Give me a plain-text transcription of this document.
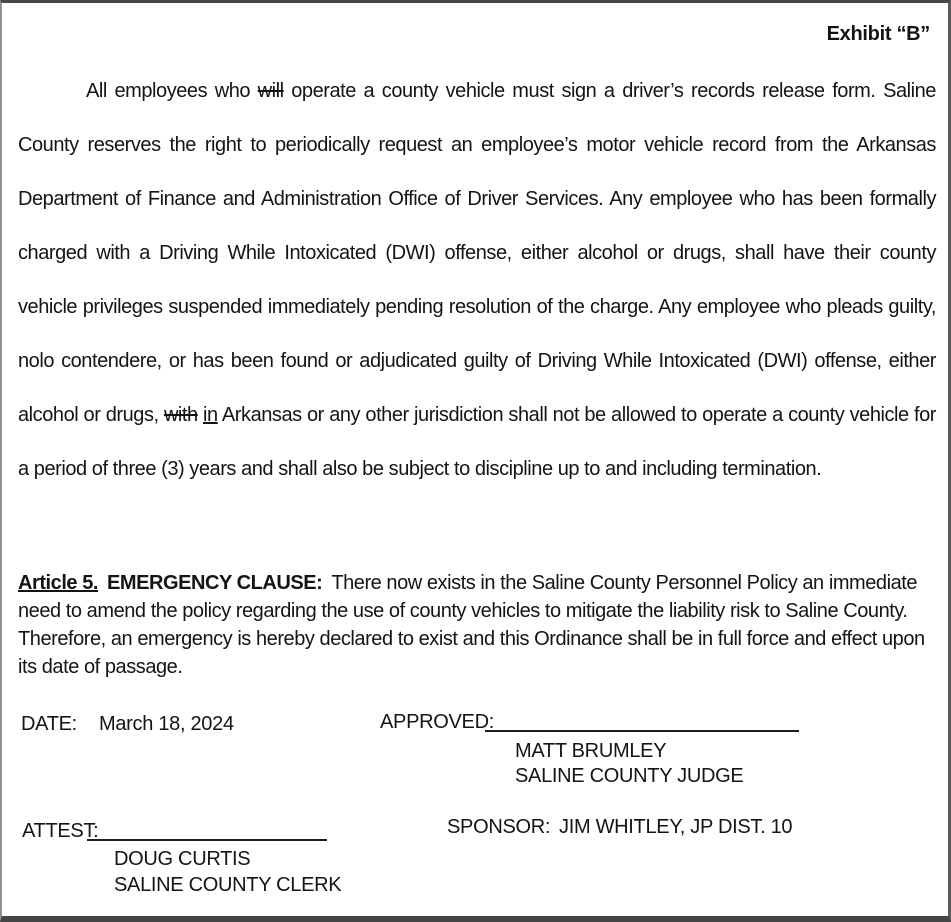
Exhibit “B”

All employees who will operate a county vehicle must sign a driver’s records release form. Saline County reserves the right to periodically request an employee’s motor vehicle record from the Arkansas Department of Finance and Administration Office of Driver Services. Any employee who has been formally charged with a Driving While Intoxicated (DWI) offense, either alcohol or drugs, shall have their county vehicle privileges suspended immediately pending resolution of the charge. Any employee who pleads guilty, nolo contendere, or has been found or adjudicated guilty of Driving While Intoxicated (DWI) offense, either alcohol or drugs, with in Arkansas or any other jurisdiction shall not be allowed to operate a county vehicle for a period of three (3) years and shall also be subject to discipline up to and including termination.

Article 5. EMERGENCY CLAUSE: There now exists in the Saline County Personnel Policy an immediate need to amend the policy regarding the use of county vehicles to mitigate the liability risk to Saline County. Therefore, an emergency is hereby declared to exist and this Ordinance shall be in full force and effect upon its date of passage.

DATE: March 18, 2024	APPROVED:
MATT BRUMLEY
SALINE COUNTY JUDGE
ATTEST:
DOUG CURTIS
SALINE COUNTY CLERK
SPONSOR: JIM WHITLEY, JP DIST. 10
